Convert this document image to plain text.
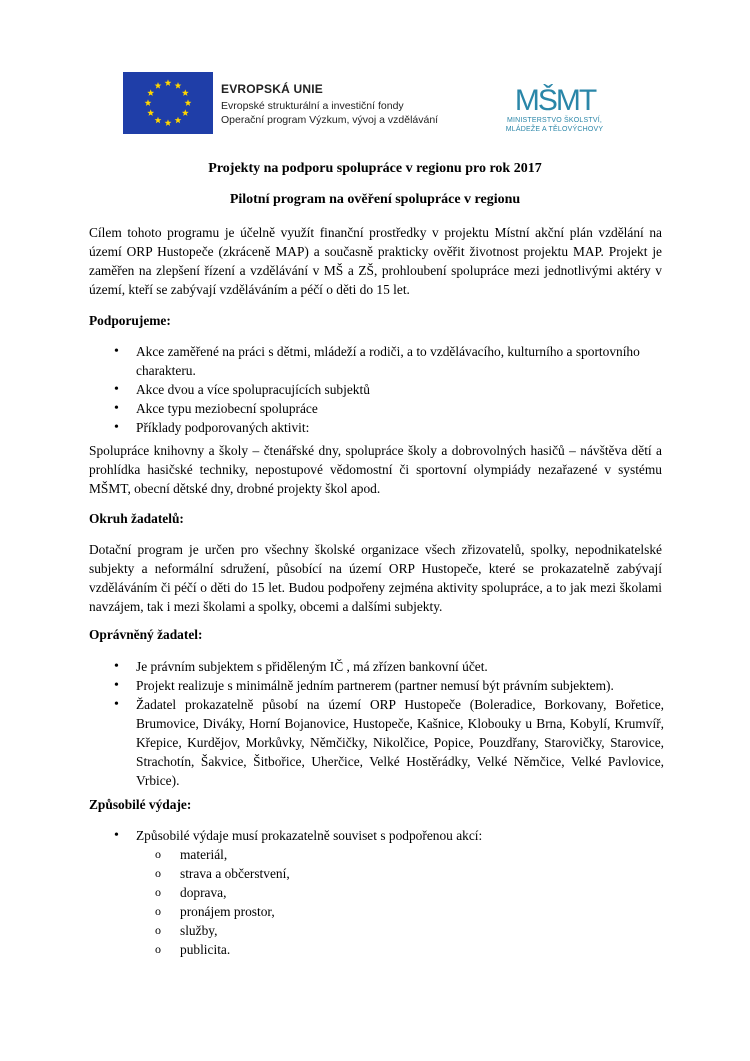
EVROPSKÁ UNIE
Evropské strukturální a investiční fondy
Operační program Výzkum, vývoj a vzdělávání
MŠMT
MINISTERSTVO ŠKOLSTVÍ,
MLÁDEŽE A TĚLOVÝCHOVY
Projekty na podporu spolupráce v regionu pro rok 2017
Pilotní program na ověření spolupráce v regionu
Cílem tohoto programu je účelně využít finanční prostředky v projektu Místní akční plán vzdělání na území ORP Hustopeče (zkráceně MAP) a současně prakticky ověřit životnost projektu MAP. Projekt je zaměřen na zlepšení řízení a vzdělávání v MŠ a ZŠ, prohloubení spolupráce mezi jednotlivými aktéry v území, kteří se zabývají vzděláváním a péčí o děti do 15 let.
Podporujeme:
• Akce zaměřené na práci s dětmi, mládeží a rodiči, a to vzdělávacího, kulturního a sportovního charakteru.
• Akce dvou a více spolupracujících subjektů
• Akce typu meziobecní spolupráce
• Příklady podporovaných aktivit:
Spolupráce knihovny a školy – čtenářské dny, spolupráce školy a dobrovolných hasičů – návštěva dětí a prohlídka hasičské techniky, nepostupové vědomostní či sportovní olympiády nezařazené v systému MŠMT, obecní dětské dny, drobné projekty škol apod.
Okruh žadatelů:
Dotační program je určen pro všechny školské organizace všech zřizovatelů, spolky, nepodnikatelské subjekty a neformální sdružení, působící na území ORP Hustopeče, které se prokazatelně zabývají vzděláváním či péčí o děti do 15 let. Budou podpořeny zejména aktivity spolupráce, a to jak mezi školami navzájem, tak i mezi školami a spolky, obcemi a dalšími subjekty.
Oprávněný žadatel:
• Je právním subjektem s přiděleným IČ , má zřízen bankovní účet.
• Projekt realizuje s minimálně jedním partnerem (partner nemusí být právním subjektem).
• Žadatel prokazatelně působí na území ORP Hustopeče (Boleradice, Borkovany, Bořetice, Brumovice, Diváky, Horní Bojanovice, Hustopeče, Kašnice, Klobouky u Brna, Kobylí, Krumvíř, Křepice, Kurdějov, Morkůvky, Němčičky, Nikolčice, Popice, Pouzdřany, Starovičky, Starovice, Strachotín, Šakvice, Šitbořice, Uherčice, Velké Hostěrádky, Velké Němčice, Velké Pavlovice, Vrbice).
Způsobilé výdaje:
• Způsobilé výdaje musí prokazatelně souviset s podpořenou akcí:
o materiál,
o strava a občerstvení,
o doprava,
o pronájem prostor,
o služby,
o publicita.
